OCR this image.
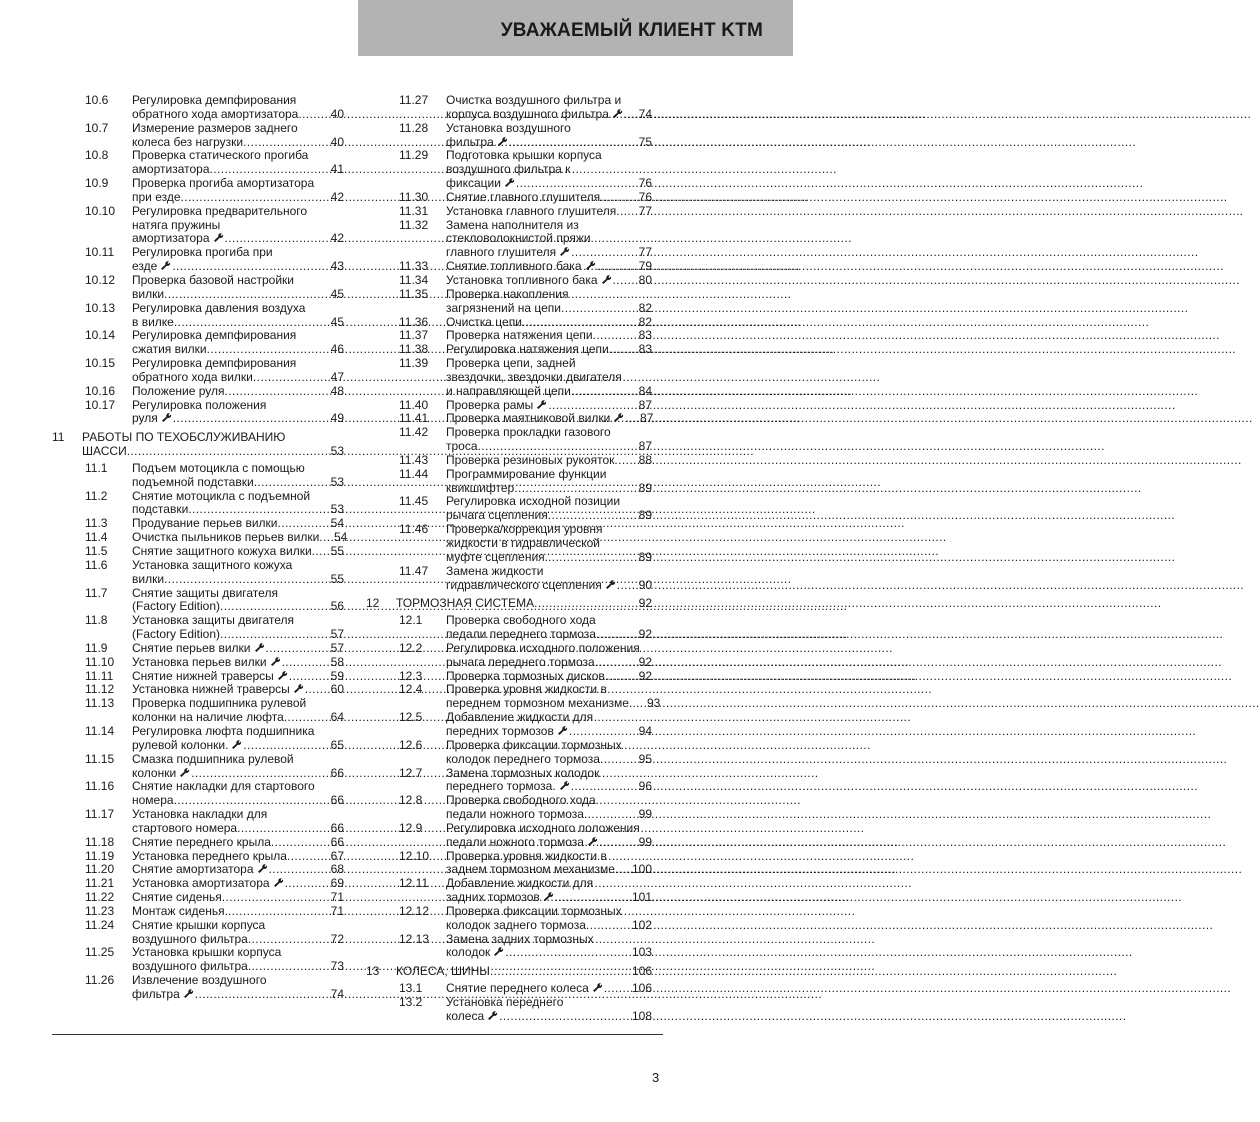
УВАЖАЕМЫЙ КЛИЕНТ KTM
10.6	Регулировка демпфирования
обратного хода амортизатора .....	40
10.7	Измерение размеров заднего
колеса без нагрузки .....	40
10.8	Проверка статического прогиба
амортизатора .....	41
10.9	Проверка прогиба амортизатора
при езде .....	42
10.10	Регулировка предварительного
натяга пружины
амортизатора .....	42
10.11	Регулировка прогиба при
езде .....	43
10.12	Проверка базовой настройки
вилки .....	45
10.13	Регулировка давления воздуха
в вилке .....	45
10.14	Регулировка демпфирования
сжатия вилки .....	46
10.15	Регулировка демпфирования
обратного хода вилки .....	47
10.16	Положение руля .....	48
10.17	Регулировка положения
руля .....	49
11	РАБОТЫ ПО ТЕХОБСЛУЖИВАНИЮ
ШАССИ .....	53
11.1	Подъем мотоцикла с помощью
подъемной подставки .....	53
11.2	Снятие мотоцикла с подъемной
подставки .....	53
11.3	Продувание перьев вилки .....	54
11.4	Очистка пыльников перьев вилки .....	54
11.5	Снятие защитного кожуха вилки .....	55
11.6	Установка защитного кожуха
вилки .....	55
11.7	Снятие защиты двигателя
(Factory Edition) .....	56
11.8	Установка защиты двигателя
(Factory Edition) .....	57
11.9	Снятие перьев вилки .....	57
11.10	Установка перьев вилки .....	58
11.11	Снятие нижней траверсы .....	59
11.12	Установка нижней траверсы .....	60
11.13	Проверка подшипника рулевой
колонки на наличие люфта .....	64
11.14	Регулировка люфта подшипника
рулевой колонки. .....	65
11.15	Смазка подшипника рулевой
колонки .....	66
11.16	Снятие накладки для стартового
номера .....	66
11.17	Установка накладки для
стартового номера .....	66
11.18	Снятие переднего крыла .....	66
11.19	Установка переднего крыла .....	67
11.20	Снятие амортизатора .....	68
11.21	Установка амортизатора .....	69
11.22	Снятие сиденья .....	71
11.23	Монтаж сиденья. .....	71
11.24	Снятие крышки корпуса
воздушного фильтра .....	72
11.25	Установка крышки корпуса
воздушного фильтра .....	73
11.26	Извлечение воздушного
фильтра .....	74
11.27	Очистка воздушного фильтра и
корпуса воздушного фильтра .....	74
11.28	Установка воздушного
фильтра .....	75
11.29	Подготовка крышки корпуса
воздушного фильтра к
фиксации .....	76
11.30	Снятие главного глушителя .....	76
11.31	Установка главного глушителя .....	77
11.32	Замена наполнителя из
стекловолокнистой пряжи
главного глушителя .....	77
11.33	Снятие топливного бака .....	79
11.34	Установка топливного бака .....	80
11.35	Проверка накопления
загрязнений на цепи .....	82
11.36	Очистка цепи .....	82
11.37	Проверка натяжения цепи .....	83
11.38	Регулировка натяжения цепи .....	83
11.39	Проверка цепи, задней
звездочки, звездочки двигателя
и направляющей цепи .....	84
11.40	Проверка рамы .....	87
11.41	Проверка маятниковой вилки .....	87
11.42	Проверка прокладки газового
троса .....	87
11.43	Проверка резиновых рукояток .....	88
11.44	Программирование функции
квикшифтер .....	89
11.45	Регулировка исходной позиции
рычага сцепления .....	89
11.46	Проверка/коррекция уровня
жидкости в гидравлической
муфте сцепления. .....	89
11.47	Замена жидкости
гидравлического сцепления .....	90
12	ТОРМОЗНАЯ СИСТЕМА .....	92
12.1	Проверка свободного хода
педали переднего тормоза .....	92
12.2	Регулировка исходного положения
рычага переднего тормоза .....	92
12.3	Проверка тормозных дисков .....	92
12.4	Проверка уровня жидкости в
переднем тормозном механизме. .....	93
12.5	Добавление жидкости для
передних тормозов .....	94
12.6	Проверка фиксации тормозных
колодок переднего тормоза .....	95
12.7	Замена тормозных колодок
переднего тормоза. .....	96
12.8	Проверка свободного хода
педали ножного тормоза .....	99
12.9	Регулировка исходного положения
педали ножного тормоза .....	99
12.10	Проверка уровня жидкости в
заднем тормозном механизме .....	100
12.11	Добавление жидкости для
задних тормозов .....	101
12.12	Проверка фиксации тормозных
колодок заднего тормоза .....	102
12.13	Замена задних тормозных
колодок .....	103
13	КОЛЕСА, ШИНЫ .....	106
13.1	Снятие переднего колеса .....	106
13.2	Установка переднего
колеса .....	108
3
